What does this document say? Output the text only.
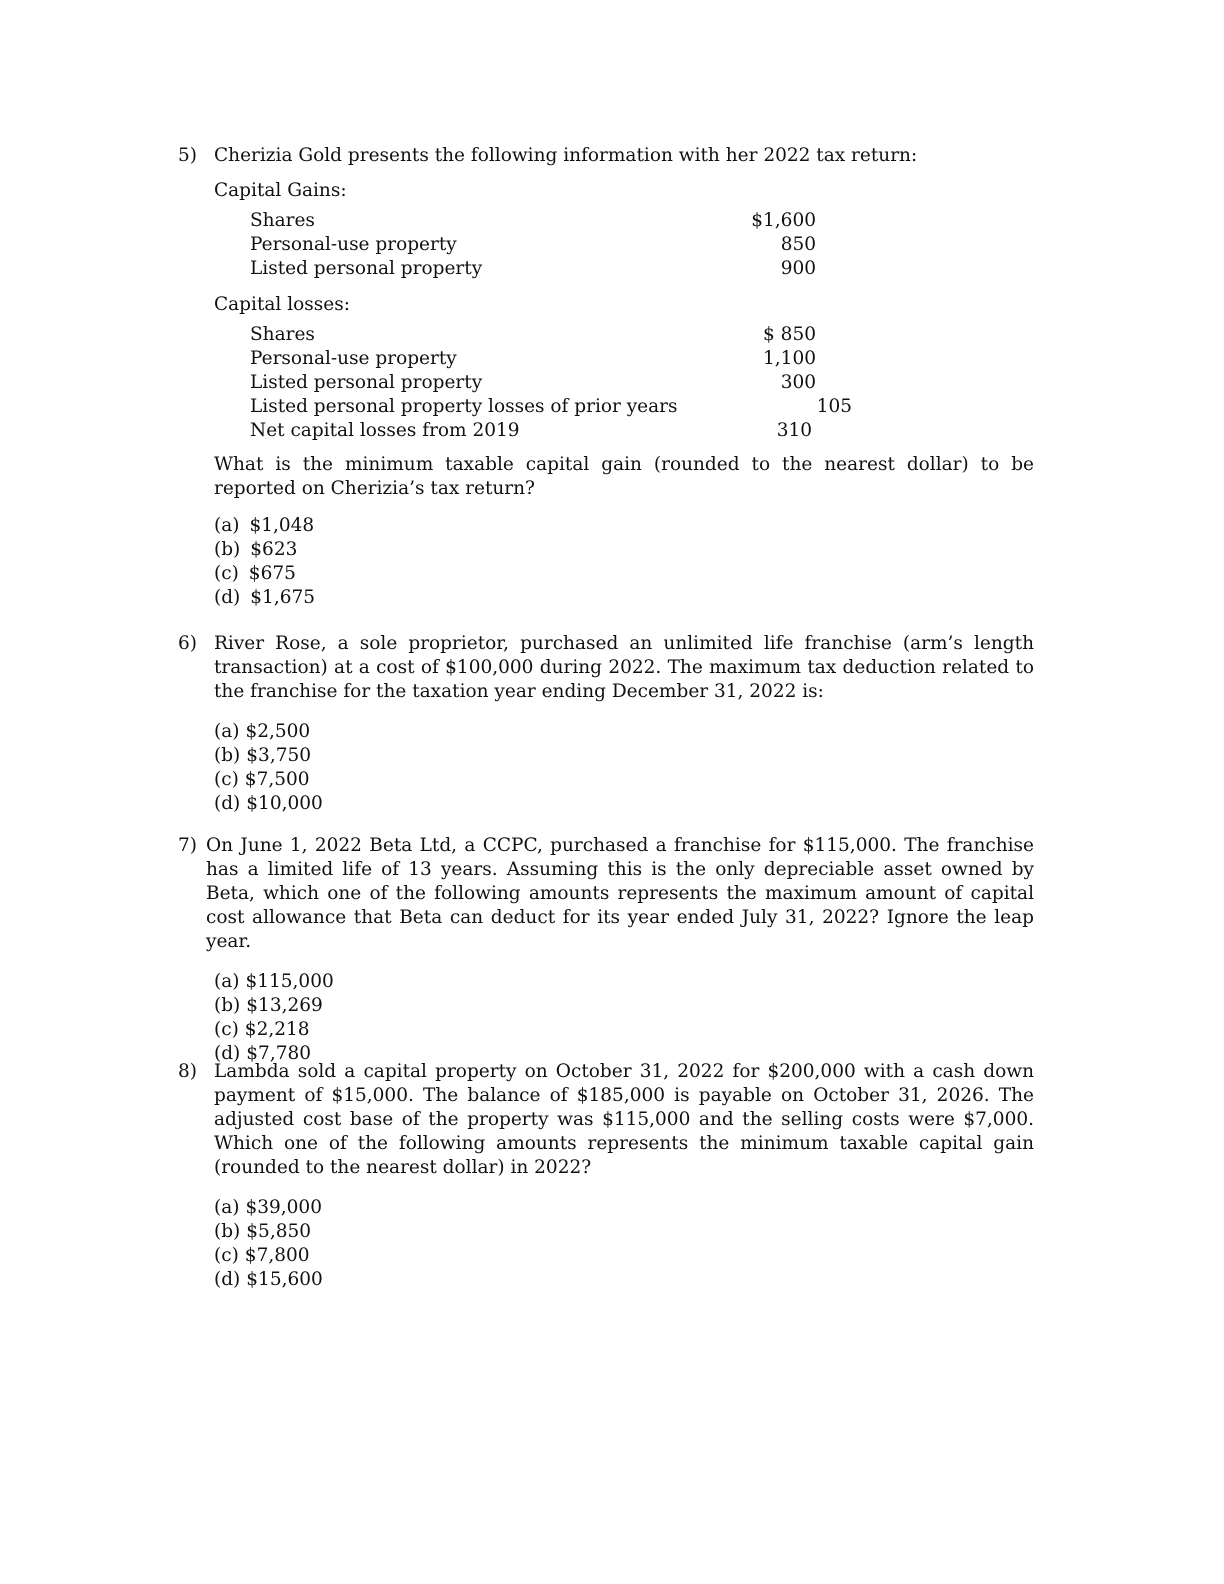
5) Cherizia Gold presents the following information with her 2022 tax return:
Capital Gains:
Shares	$1,600
Personal-use property	850
Listed personal property	900
Capital losses:
Shares	$ 850
Personal-use property	1,100
Listed personal property	300
Listed personal property losses of prior years	105
Net capital losses from 2019	310
What is the minimum taxable capital gain (rounded to the nearest dollar) to be reported on Cherizia’s tax return?
(a) $1,048
(b) $623
(c) $675
(d) $1,675
6) River Rose, a sole proprietor, purchased an unlimited life franchise (arm’s length transaction) at a cost of $100,000 during 2022. The maximum tax deduction related to the franchise for the taxation year ending December 31, 2022 is:
(a) $2,500
(b) $3,750
(c) $7,500
(d) $10,000
7) On June 1, 2022 Beta Ltd, a CCPC, purchased a franchise for $115,000. The franchise has a limited life of 13 years. Assuming this is the only depreciable asset owned by Beta, which one of the following amounts represents the maximum amount of capital cost allowance that Beta can deduct for its year ended July 31, 2022? Ignore the leap year.
(a) $115,000
(b) $13,269
(c) $2,218
(d) $7,780
8) Lambda sold a capital property on October 31, 2022 for $200,000 with a cash down payment of $15,000. The balance of $185,000 is payable on October 31, 2026. The adjusted cost base of the property was $115,000 and the selling costs were $7,000. Which one of the following amounts represents the minimum taxable capital gain (rounded to the nearest dollar) in 2022?
(a) $39,000
(b) $5,850
(c) $7,800
(d) $15,600
